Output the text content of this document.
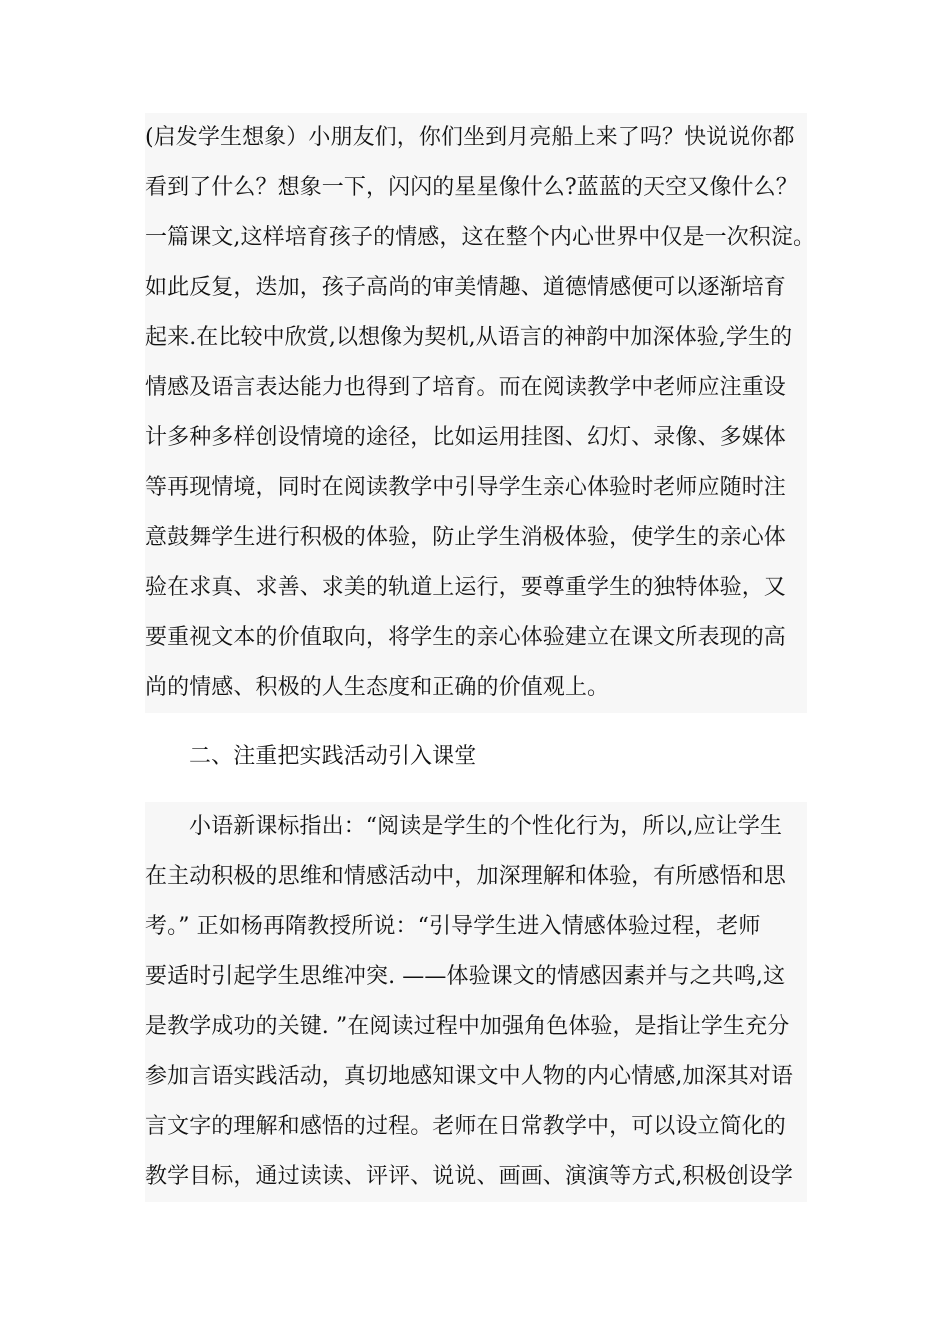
(启发学生想象）小朋友们，你们坐到月亮船上来了吗？快说说你都
看到了什么？想象一下，闪闪的星星像什么?蓝蓝的天空又像什么？
一篇课文,这样培育孩子的情感，这在整个内心世界中仅是一次积淀。
如此反复，迭加，孩子高尚的审美情趣、道德情感便可以逐渐培育
起来.在比较中欣赏,以想像为契机,从语言的神韵中加深体验,学生的
情感及语言表达能力也得到了培育。而在阅读教学中老师应注重设
计多种多样创设情境的途径，比如运用挂图、幻灯、录像、多媒体
等再现情境，同时在阅读教学中引导学生亲心体验时老师应随时注
意鼓舞学生进行积极的体验，防止学生消极体验，使学生的亲心体
验在求真、求善、求美的轨道上运行，要尊重学生的独特体验，又
要重视文本的价值取向，将学生的亲心体验建立在课文所表现的高
尚的情感、积极的人生态度和正确的价值观上。
二、注重把实践活动引入课堂
小语新课标指出：“阅读是学生的个性化行为，所以,应让学生
在主动积极的思维和情感活动中，加深理解和体验，有所感悟和思
考。” 正如杨再隋教授所说：“引导学生进入情感体验过程，老师
要适时引起学生思维冲突. ——体验课文的情感因素并与之共鸣,这
是教学成功的关键. ”在阅读过程中加强角色体验，是指让学生充分
参加言语实践活动，真切地感知课文中人物的内心情感,加深其对语
言文字的理解和感悟的过程。老师在日常教学中，可以设立简化的
教学目标，通过读读、评评、说说、画画、演演等方式,积极创设学
